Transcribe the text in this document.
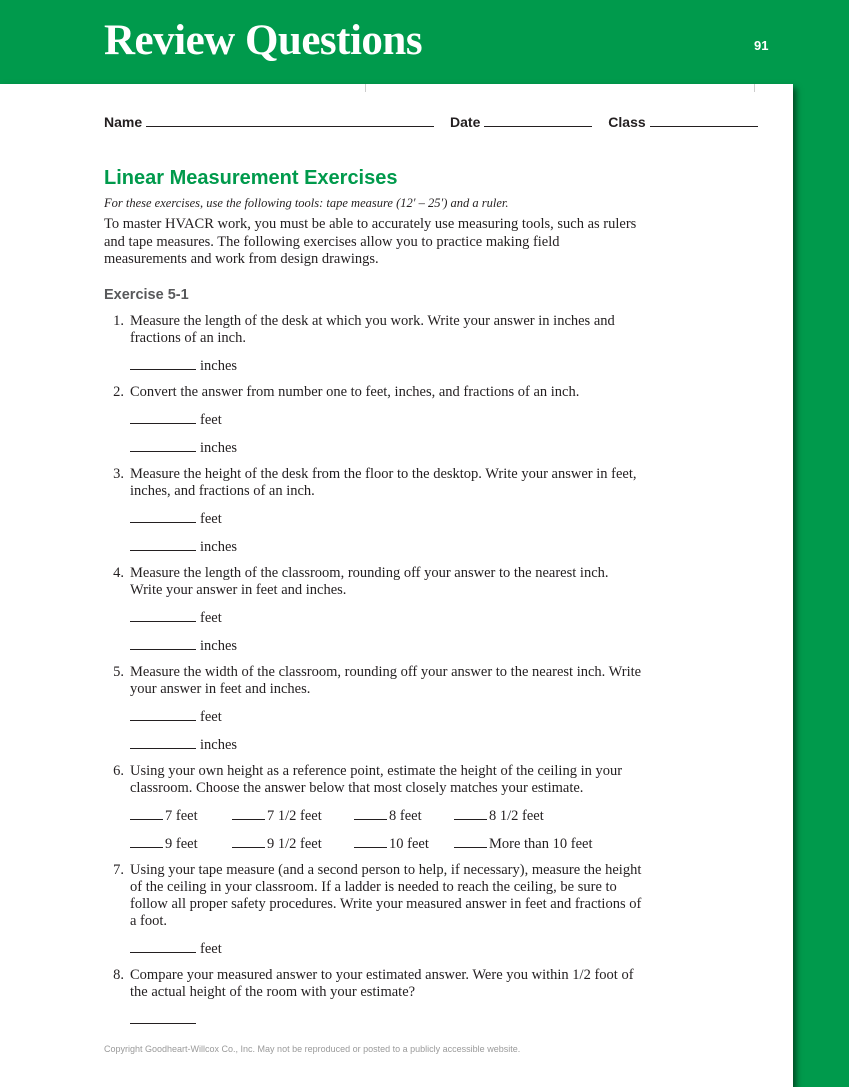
Review Questions	91
Name	Date	Class
Linear Measurement Exercises
For these exercises, use the following tools: tape measure (12′ – 25′) and a ruler.
To master HVACR work, you must be able to accurately use measuring tools, such as rulers and tape measures. The following exercises allow you to practice making field measurements and work from design drawings.
Exercise 5-1
1. Measure the length of the desk at which you work. Write your answer in inches and fractions of an inch.
inches
2. Convert the answer from number one to feet, inches, and fractions of an inch.
feet
inches
3. Measure the height of the desk from the floor to the desktop. Write your answer in feet, inches, and fractions of an inch.
feet
inches
4. Measure the length of the classroom, rounding off your answer to the nearest inch. Write your answer in feet and inches.
feet
inches
5. Measure the width of the classroom, rounding off your answer to the nearest inch. Write your answer in feet and inches.
feet
inches
6. Using your own height as a reference point, estimate the height of the ceiling in your classroom. Choose the answer below that most closely matches your estimate.
7 feet	7 1/2 feet	8 feet	8 1/2 feet
9 feet	9 1/2 feet	10 feet	More than 10 feet
7. Using your tape measure (and a second person to help, if necessary), measure the height of the ceiling in your classroom. If a ladder is needed to reach the ceiling, be sure to follow all proper safety procedures. Write your measured answer in feet and fractions of a foot.
feet
8. Compare your measured answer to your estimated answer. Were you within 1/2 foot of the actual height of the room with your estimate?
Copyright Goodheart-Willcox Co., Inc. May not be reproduced or posted to a publicly accessible website.
